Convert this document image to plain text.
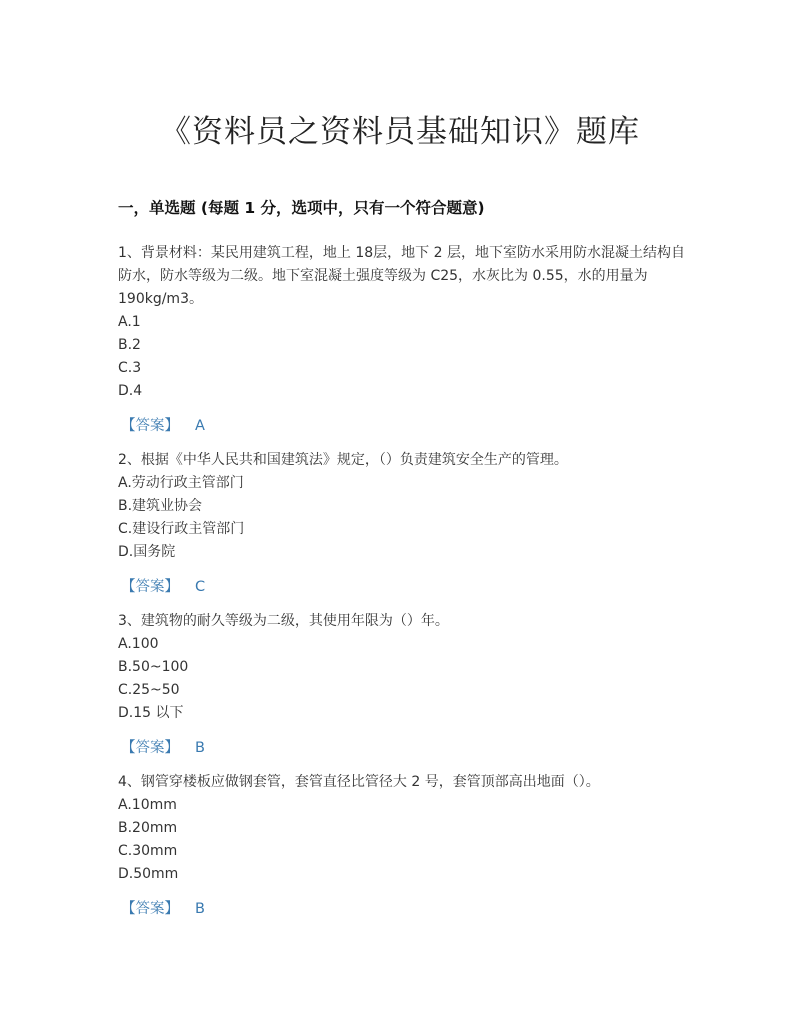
《资料员之资料员基础知识》题库
一，单选题 (每题 1 分，选项中，只有一个符合题意)

1、背景材料：某民用建筑工程，地上 18层，地下 2 层，地下室防水采用防水混凝土结构自防水，防水等级为二级。地下室混凝土强度等级为 C25，水灰比为 0.55，水的用量为 190kg/m3。

A.1

B.2

C.3

D.4

【答案】 A

2、根据《中华人民共和国建筑法》规定，（）负责建筑安全生产的管理。

A.劳动行政主管部门

B.建筑业协会

C.建设行政主管部门

D.国务院

【答案】 C

3、建筑物的耐久等级为二级，其使用年限为（）年。

A.100

B.50~100

C.25~50

D.15 以下

【答案】 B

4、钢管穿楼板应做钢套管，套管直径比管径大 2 号，套管顶部高出地面（）。

A.10mm

B.20mm

C.30mm

D.50mm

【答案】 B
